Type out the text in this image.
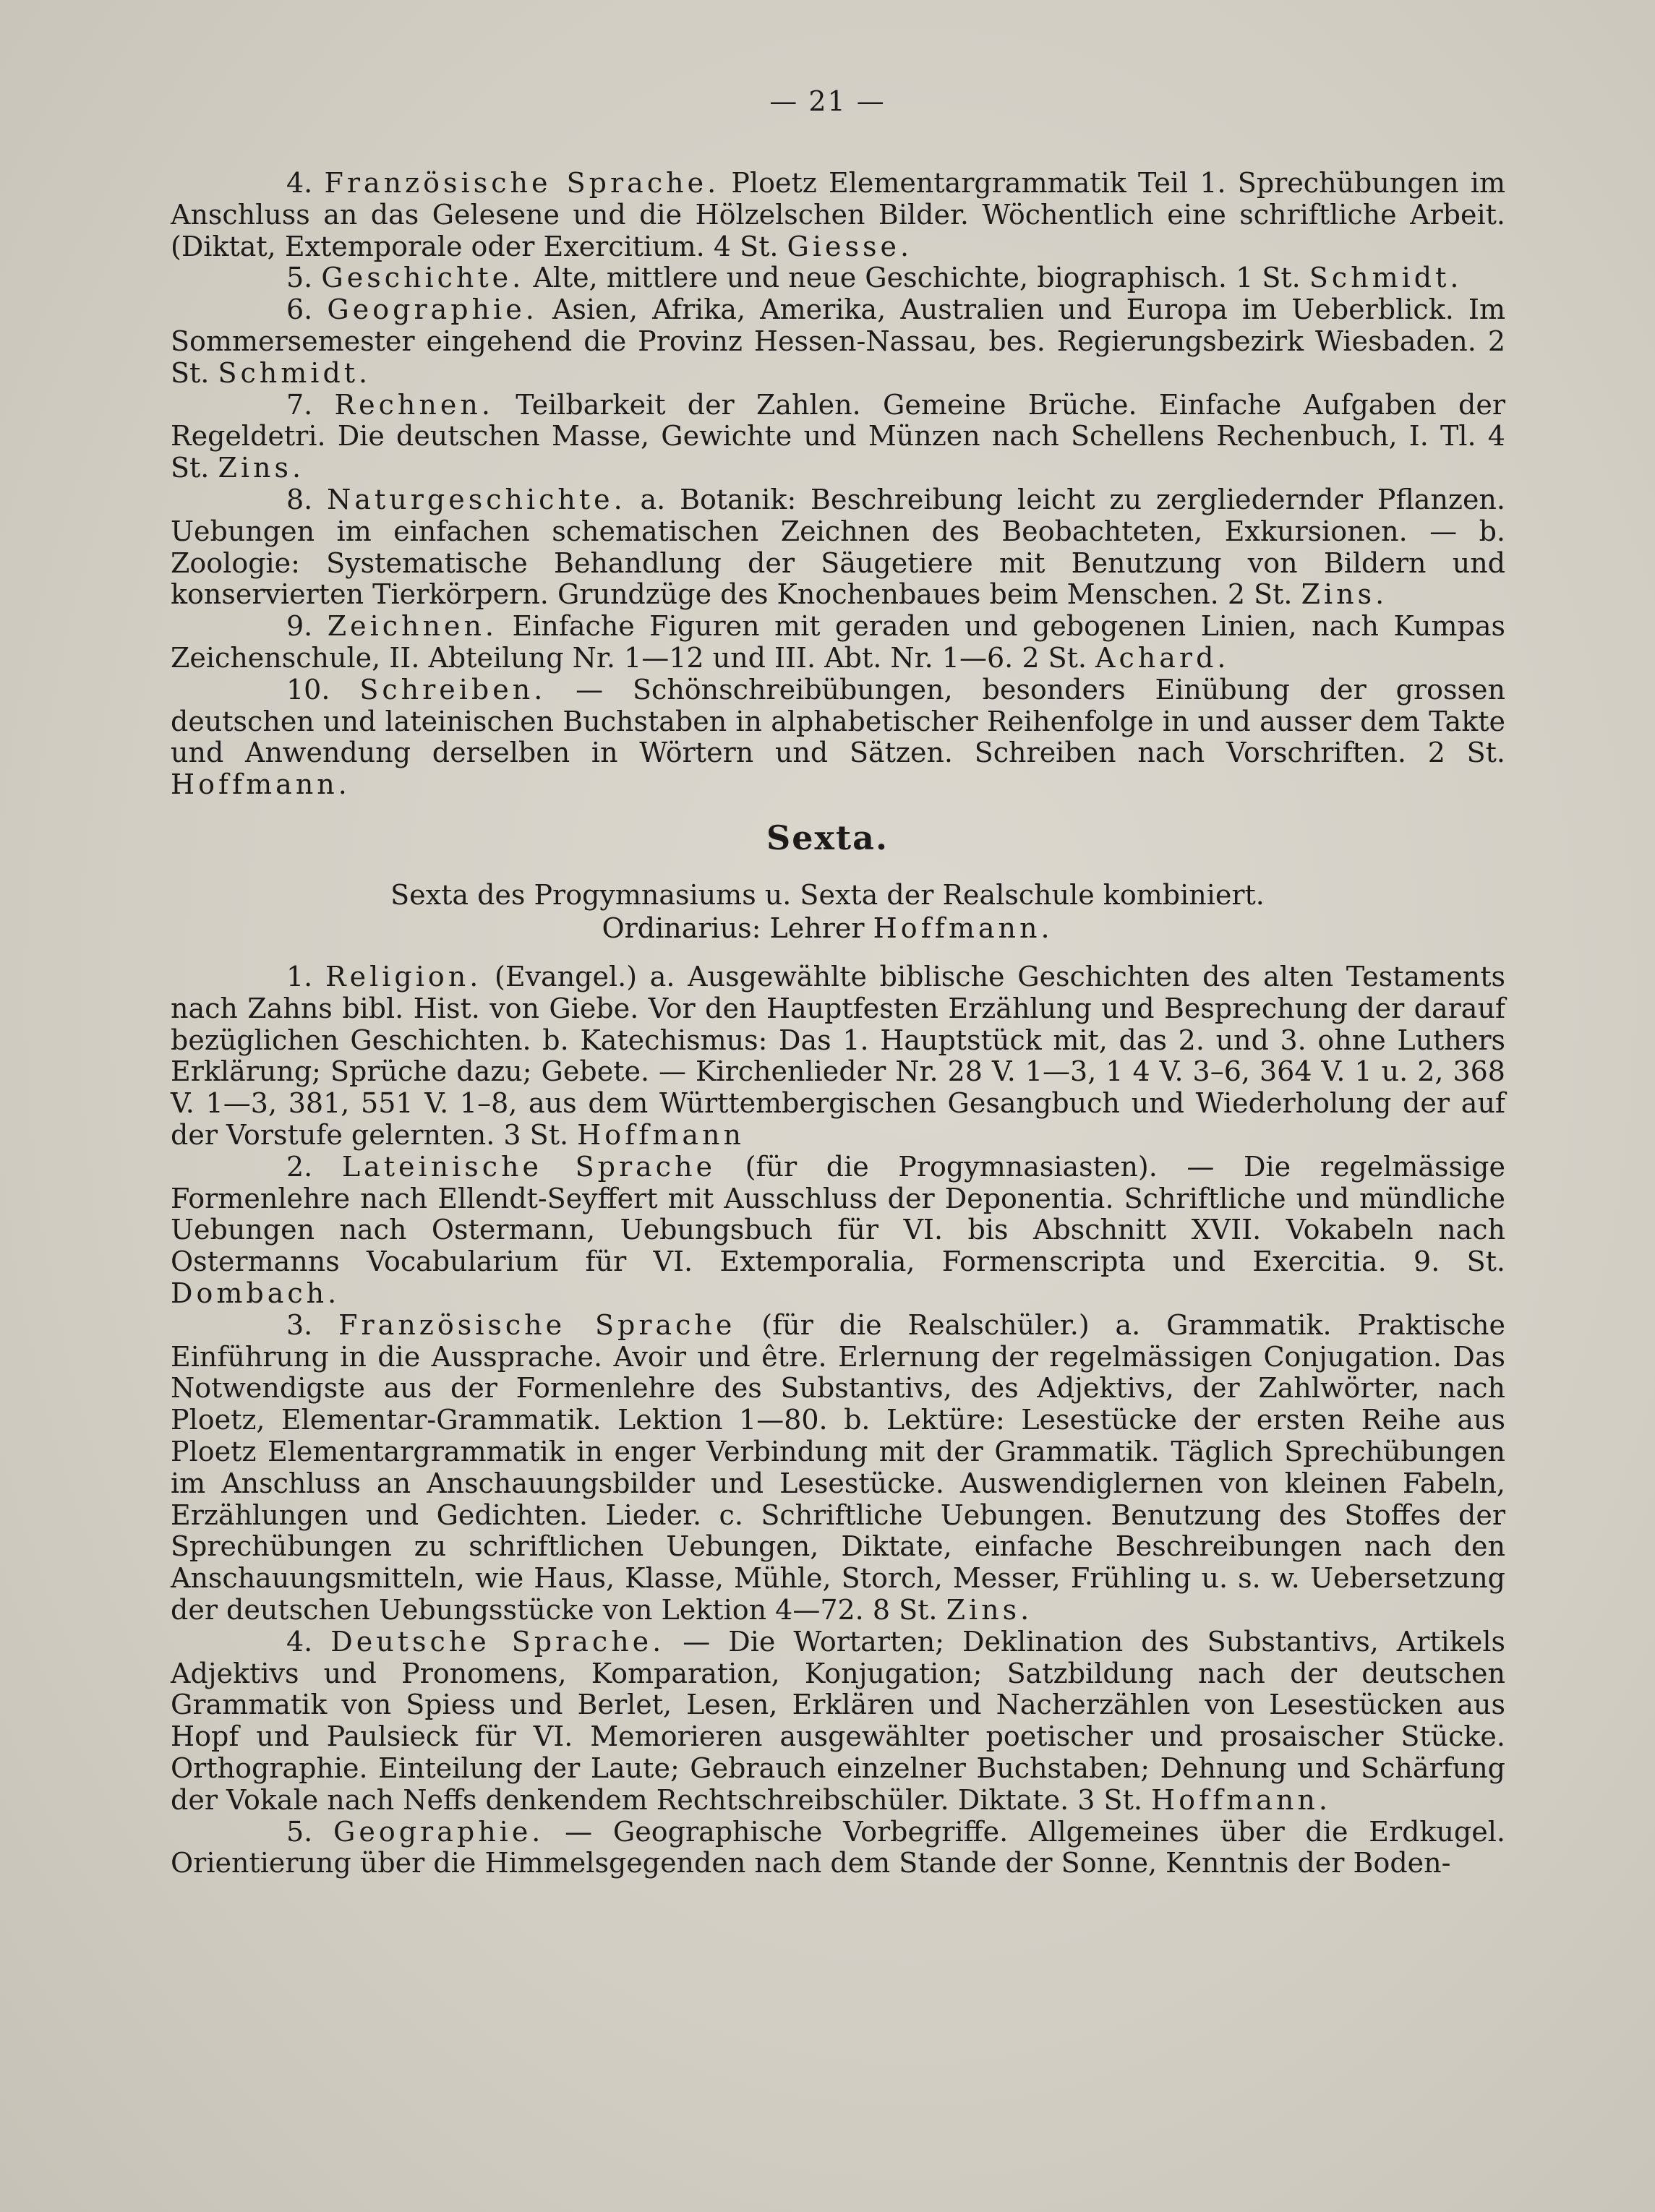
— 21 —

4. Französische Sprache. Ploetz Elementargrammatik Teil 1. Sprechübungen im Anschluss an das Gelesene und die Hölzelschen Bilder. Wöchentlich eine schriftliche Arbeit. (Diktat, Extemporale oder Exercitium. 4 St. Giesse.

5. Geschichte. Alte, mittlere und neue Geschichte, biographisch. 1 St. Schmidt.

6. Geographie. Asien, Afrika, Amerika, Australien und Europa im Ueberblick. Im Sommersemester eingehend die Provinz Hessen-Nassau, bes. Regierungsbezirk Wiesbaden. 2 St. Schmidt.

7. Rechnen. Teilbarkeit der Zahlen. Gemeine Brüche. Einfache Aufgaben der Regeldetri. Die deutschen Masse, Gewichte und Münzen nach Schellens Rechenbuch, I. Tl. 4 St. Zins.

8. Naturgeschichte. a. Botanik: Beschreibung leicht zu zergliedernder Pflanzen. Uebungen im einfachen schematischen Zeichnen des Beobachteten, Exkursionen. — b. Zoologie: Systematische Behandlung der Säugetiere mit Benutzung von Bildern und konservierten Tierkörpern. Grundzüge des Knochenbaues beim Menschen. 2 St. Zins.

9. Zeichnen. Einfache Figuren mit geraden und gebogenen Linien, nach Kumpas Zeichenschule, II. Abteilung Nr. 1—12 und III. Abt. Nr. 1—6. 2 St. Achard.

10. Schreiben. — Schönschreibübungen, besonders Einübung der grossen deutschen und lateinischen Buchstaben in alphabetischer Reihenfolge in und ausser dem Takte und Anwendung derselben in Wörtern und Sätzen. Schreiben nach Vorschriften. 2 St. Hoffmann.

Sexta.
Sexta des Progymnasiums u. Sexta der Realschule kombiniert.
Ordinarius: Lehrer Hoffmann.

1. Religion. (Evangel.) a. Ausgewählte biblische Geschichten des alten Testaments nach Zahns bibl. Hist. von Giebe. Vor den Hauptfesten Erzählung und Besprechung der darauf bezüglichen Geschichten. b. Katechismus: Das 1. Hauptstück mit, das 2. und 3. ohne Luthers Erklärung; Sprüche dazu; Gebete. — Kirchenlieder Nr. 28 V. 1—3, 1 4 V. 3–6, 364 V. 1 u. 2, 368 V. 1—3, 381, 551 V. 1–8, aus dem Württembergischen Gesangbuch und Wiederholung der auf der Vorstufe gelernten. 3 St. Hoffmann

2. Lateinische Sprache (für die Progymnasiasten). — Die regelmässige Formenlehre nach Ellendt-Seyffert mit Ausschluss der Deponentia. Schriftliche und mündliche Uebungen nach Ostermann, Uebungsbuch für VI. bis Abschnitt XVII. Vokabeln nach Ostermanns Vocabularium für VI. Extemporalia, Formenscripta und Exercitia. 9. St. Dombach.

3. Französische Sprache (für die Realschüler.) a. Grammatik. Praktische Einführung in die Aussprache. Avoir und être. Erlernung der regelmässigen Conjugation. Das Notwendigste aus der Formenlehre des Substantivs, des Adjektivs, der Zahlwörter, nach Ploetz, Elementar-Grammatik. Lektion 1—80. b. Lektüre: Lesestücke der ersten Reihe aus Ploetz Elementargrammatik in enger Verbindung mit der Grammatik. Täglich Sprechübungen im Anschluss an Anschauungsbilder und Lesestücke. Auswendiglernen von kleinen Fabeln, Erzählungen und Gedichten. Lieder. c. Schriftliche Uebungen. Benutzung des Stoffes der Sprechübungen zu schriftlichen Uebungen, Diktate, einfache Beschreibungen nach den Anschauungsmitteln, wie Haus, Klasse, Mühle, Storch, Messer, Frühling u. s. w. Uebersetzung der deutschen Uebungsstücke von Lektion 4—72. 8 St. Zins.

4. Deutsche Sprache. — Die Wortarten; Deklination des Substantivs, Artikels Adjektivs und Pronomens, Komparation, Konjugation; Satzbildung nach der deutschen Grammatik von Spiess und Berlet, Lesen, Erklären und Nacherzählen von Lesestücken aus Hopf und Paulsieck für VI. Memorieren ausgewählter poetischer und prosaischer Stücke. Orthographie. Einteilung der Laute; Gebrauch einzelner Buchstaben; Dehnung und Schärfung der Vokale nach Neffs denkendem Rechtschreibschüler. Diktate. 3 St. Hoffmann.

5. Geographie. — Geographische Vorbegriffe. Allgemeines über die Erdkugel. Orientierung über die Himmelsgegenden nach dem Stande der Sonne, Kenntnis der Boden-
